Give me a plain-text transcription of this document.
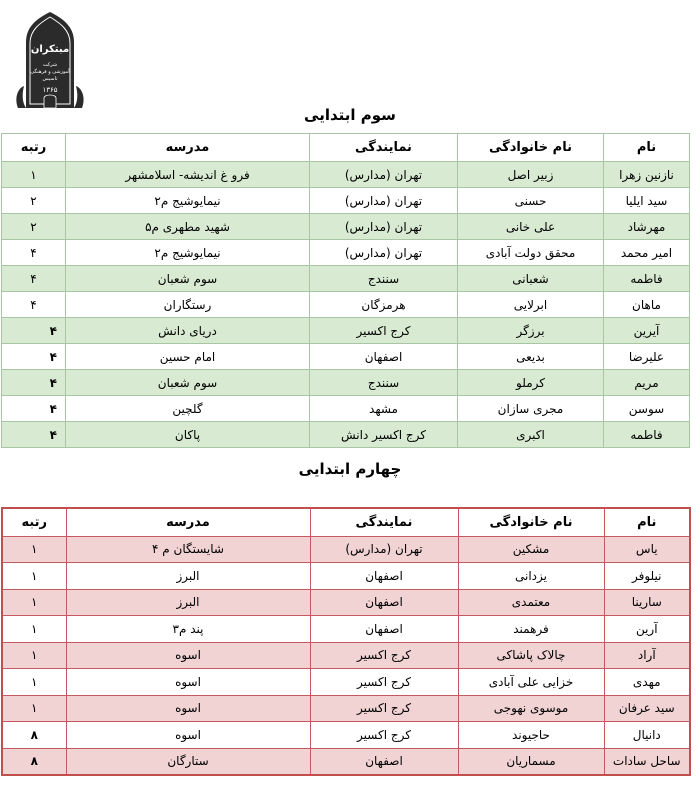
مبتکران
شرکت
آموزشی و فرهنگی
تاسیس
۱۳۶۵
سوم ابتدایی
نام	نام خانوادگی	نمایندگی	مدرسه	رتبه
نازنین زهرا	زبیر اصل	تهران (مدارس)	فرو غ اندیشه- اسلامشهر	۱
سید ایلیا	حسنی	تهران (مدارس)	نیمایوشیج م۲	۲
مهرشاد	علی خانی	تهران (مدارس)	شهید مطهری م۵	۲
امیر محمد	محقق دولت آبادی	تهران (مدارس)	نیمایوشیج م۲	۴
فاطمه	شعبانی	سنندج	سوم شعبان	۴
ماهان	ابرلایی	هرمزگان	رستگاران	۴
آیرین	برزگر	کرج اکسیر	دریای دانش	۴
علیرضا	بدیعی	اصفهان	امام حسین	۴
مریم	کرملو	سنندج	سوم شعبان	۴
سوسن	مجری سازان	مشهد	گلچین	۴
فاطمه	اکبری	کرج اکسیر دانش	پاکان	۴
چهارم ابتدایی
نام	نام خانوادگی	نمایندگی	مدرسه	رتبه
یاس	مشکین	تهران (مدارس)	شایستگان م ۴	۱
نیلوفر	یزدانی	اصفهان	البرز	۱
سارینا	معتمدی	اصفهان	البرز	۱
آرین	فرهمند	اصفهان	پند م۳	۱
آراد	چالاک پاشاکی	کرج اکسیر	اسوه	۱
مهدی	خزایی علی آبادی	کرج اکسیر	اسوه	۱
سید عرفان	موسوی نهوجی	کرج اکسیر	اسوه	۱
دانیال	حاجیوند	کرج اکسیر	اسوه	۸
ساحل سادات	مسماریان	اصفهان	ستارگان	۸
